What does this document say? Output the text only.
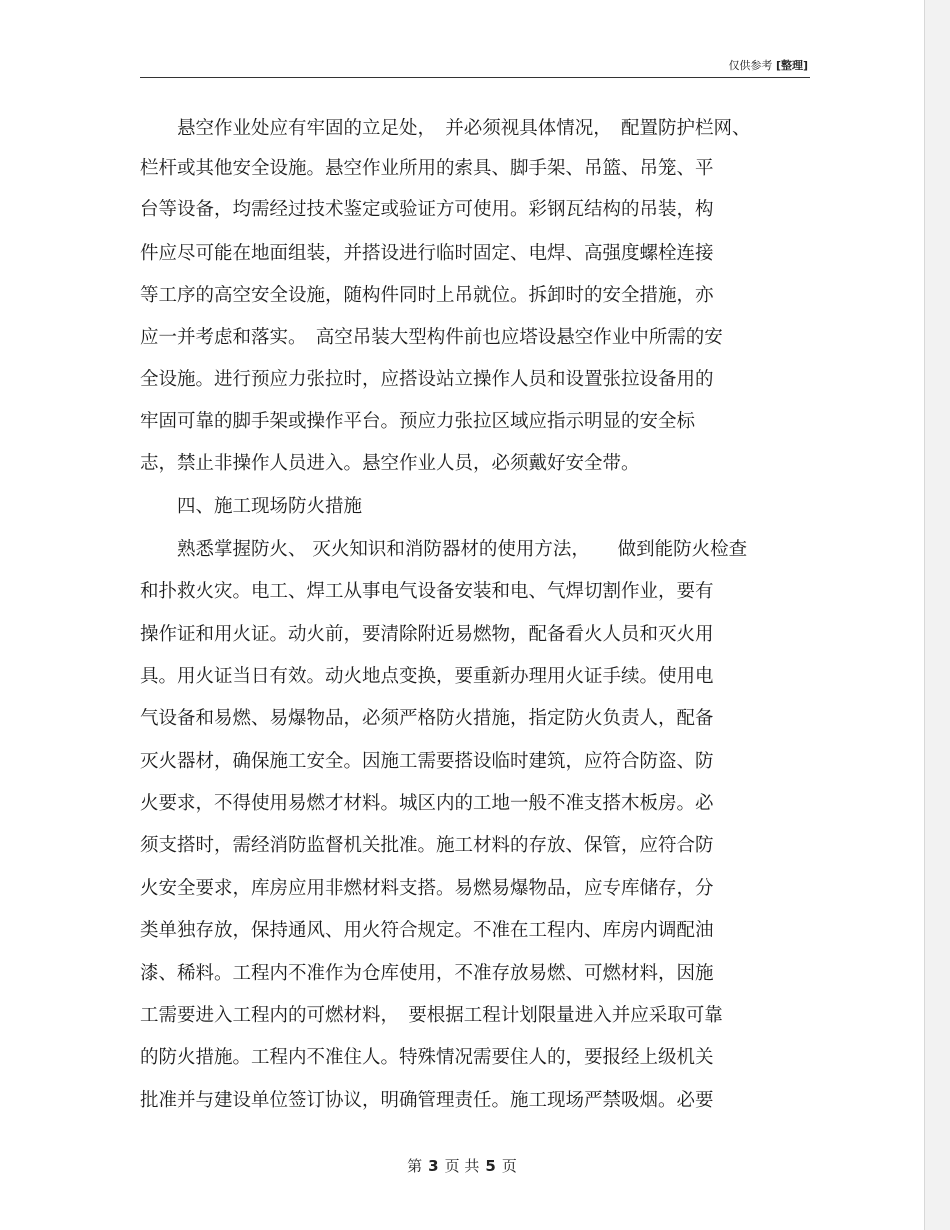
仅供参考 [整理]
　　悬空作业处应有牢固的立足处，　并必须视具体情况，　配置防护栏网、
栏杆或其他安全设施。悬空作业所用的索具、脚手架、吊篮、吊笼、平
台等设备，均需经过技术鉴定或验证方可使用。彩钢瓦结构的吊装，构
件应尽可能在地面组装，并搭设进行临时固定、电焊、高强度螺栓连接
等工序的高空安全设施，随构件同时上吊就位。拆卸时的安全措施，亦
应一并考虑和落实。　高空吊装大型构件前也应塔设悬空作业中所需的安
全设施。进行预应力张拉时，应搭设站立操作人员和设置张拉设备用的
牢固可靠的脚手架或操作平台。预应力张拉区域应指示明显的安全标
志，禁止非操作人员进入。悬空作业人员，必须戴好安全带。
　　四、施工现场防火措施
　　熟悉掌握防火、 灭火知识和消防器材的使用方法，　　做到能防火检查
和扑救火灾。电工、焊工从事电气设备安装和电、气焊切割作业，要有
操作证和用火证。动火前，要清除附近易燃物，配备看火人员和灭火用
具。用火证当日有效。动火地点变换，要重新办理用火证手续。使用电
气设备和易燃、易爆物品，必须严格防火措施，指定防火负责人，配备
灭火器材，确保施工安全。因施工需要搭设临时建筑，应符合防盗、防
火要求，不得使用易燃才材料。城区内的工地一般不准支搭木板房。必
须支搭时，需经消防监督机关批准。施工材料的存放、保管，应符合防
火安全要求，库房应用非燃材料支搭。易燃易爆物品，应专库储存，分
类单独存放，保持通风、用火符合规定。不准在工程内、库房内调配油
漆、稀料。工程内不准作为仓库使用，不准存放易燃、可燃材料，因施
工需要进入工程内的可燃材料，　要根据工程计划限量进入并应采取可靠
的防火措施。工程内不准住人。特殊情况需要住人的，要报经上级机关
批准并与建设单位签订协议，明确管理责任。施工现场严禁吸烟。必要
第 3 页 共 5 页
